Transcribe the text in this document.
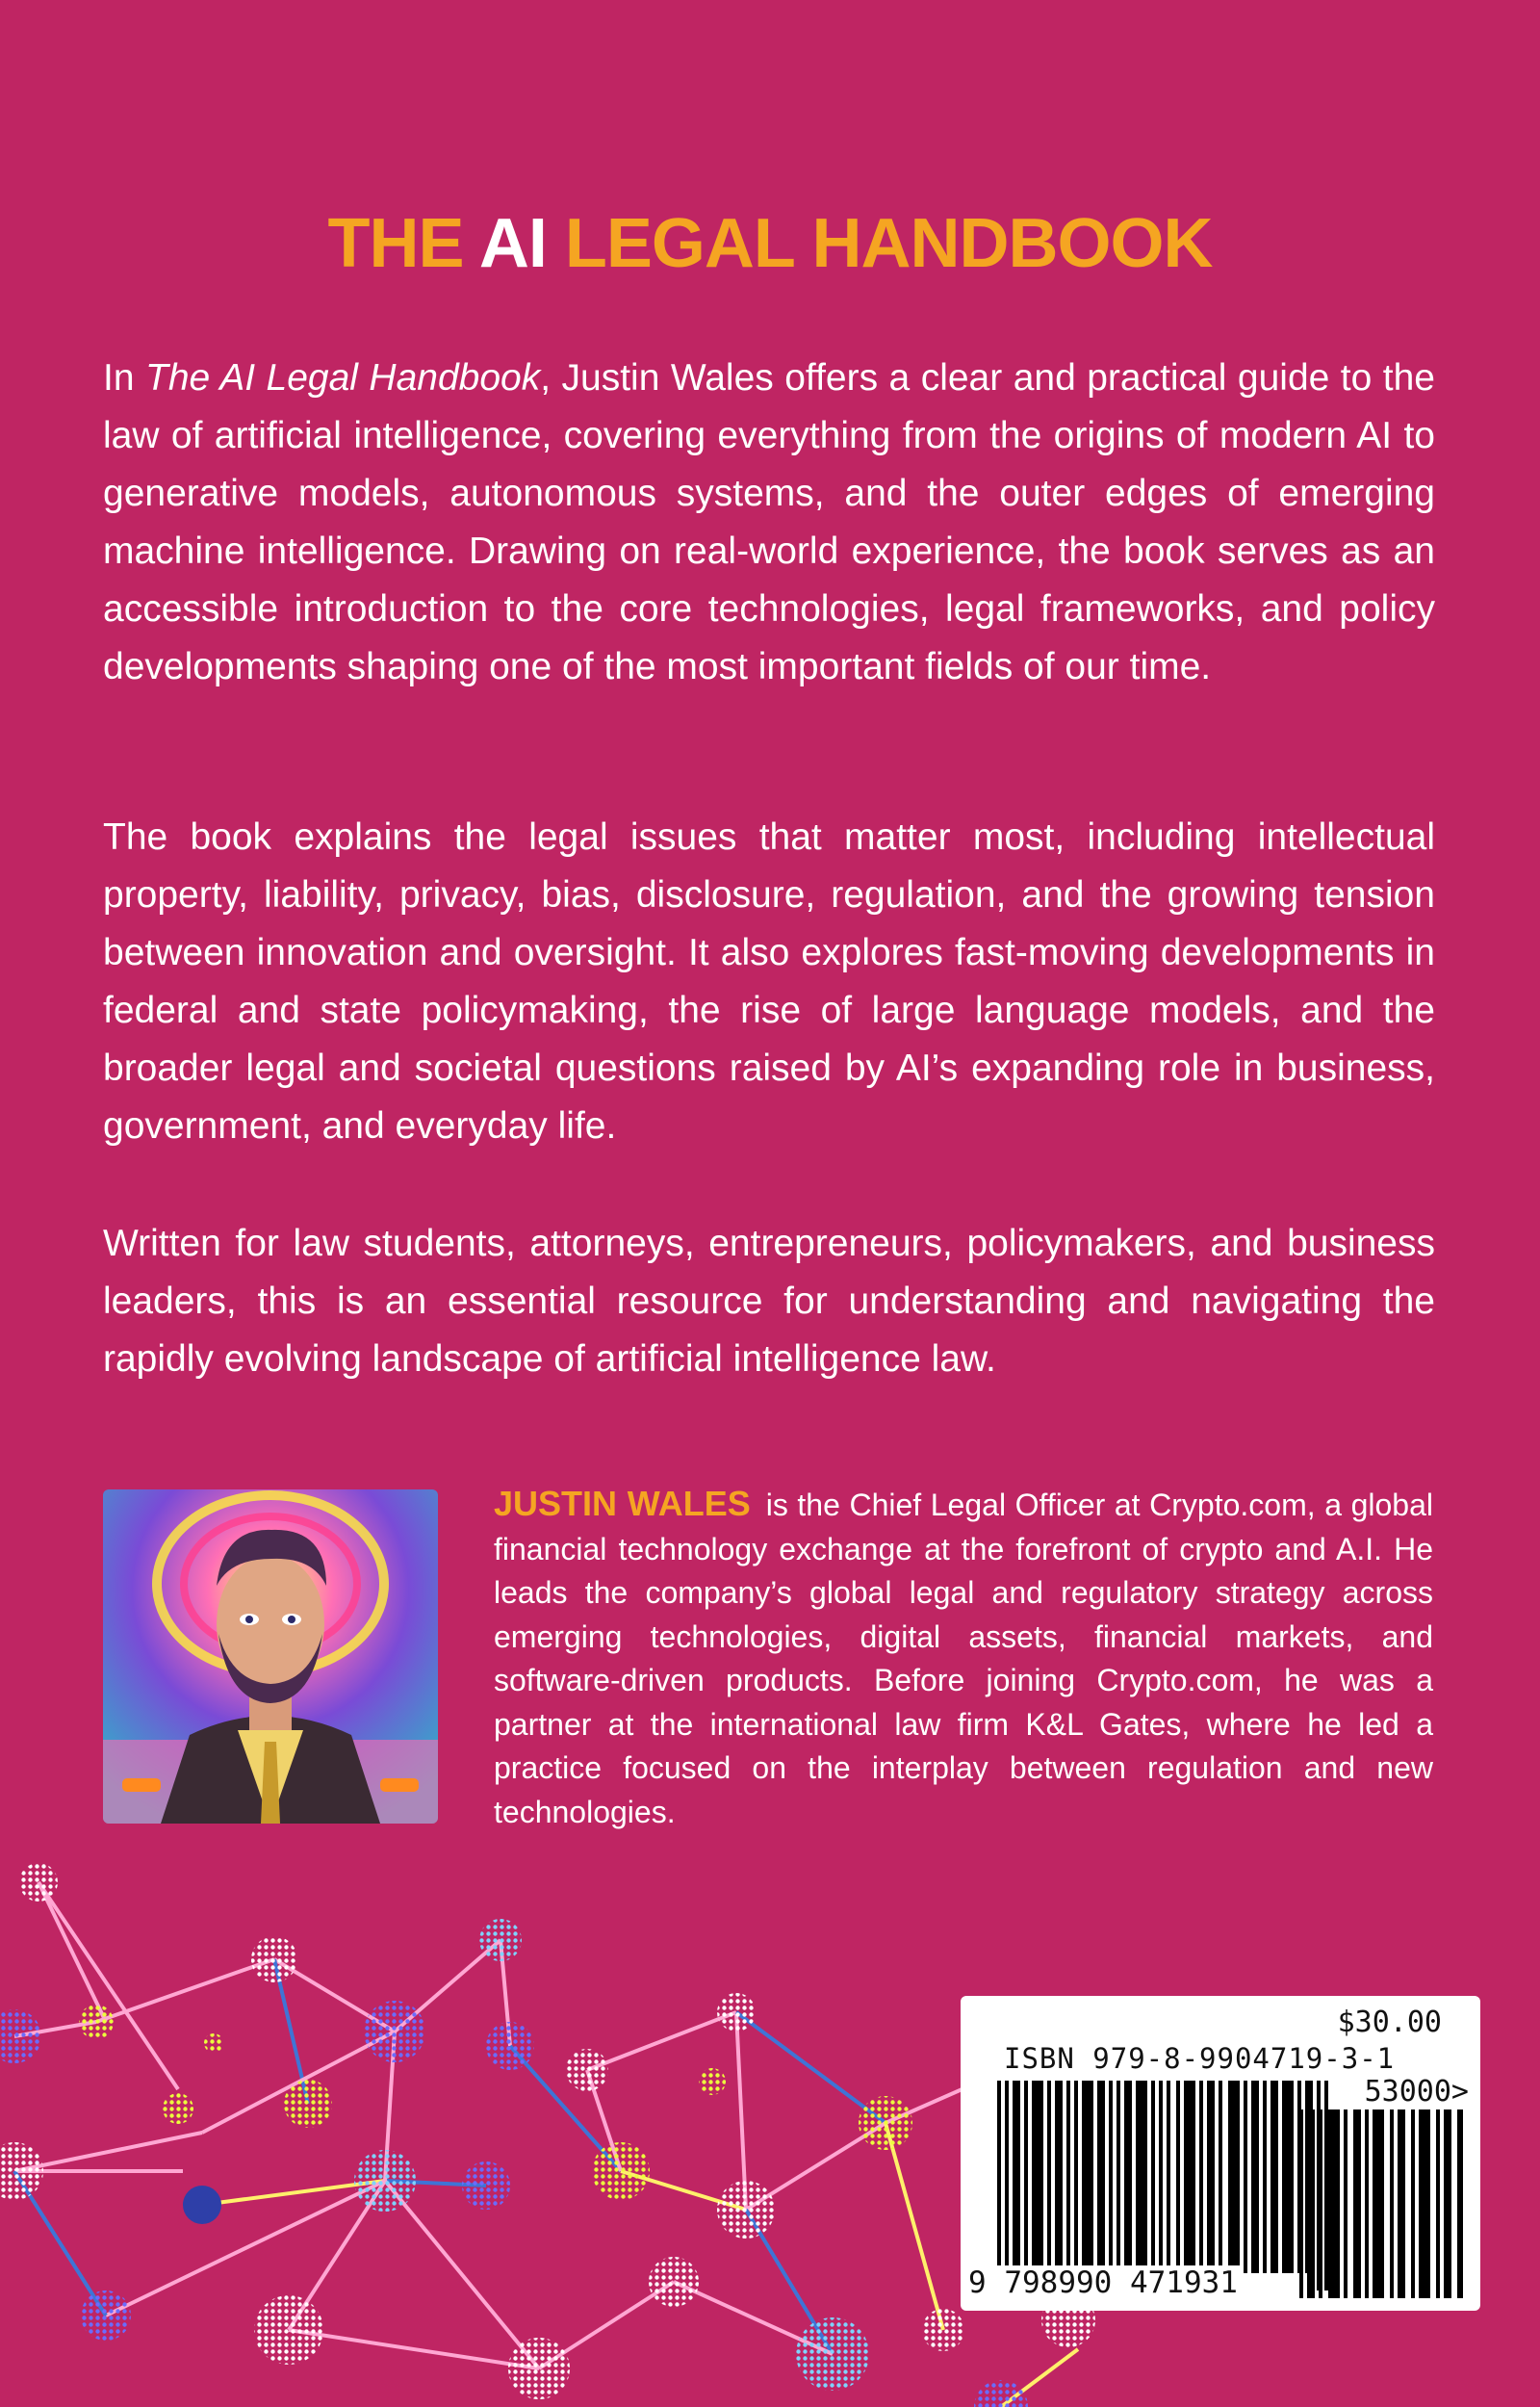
THE AI LEGAL HANDBOOK

In The AI Legal Handbook, Justin Wales offers a clear and practical guide to the law of artificial intelligence, covering everything from the origins of modern AI to generative models, autonomous systems, and the outer edges of emerging machine intelligence. Drawing on real-world experience, the book serves as an accessible introduction to the core technologies, legal frameworks, and policy developments shaping one of the most important fields of our time.

The book explains the legal issues that matter most, including intellectual property, liability, privacy, bias, disclosure, regulation, and the growing tension between innovation and oversight. It also explores fast-moving developments in federal and state policymaking, the rise of large language models, and the broader legal and societal questions raised by AI’s expanding role in business, government, and everyday life.

Written for law students, attorneys, entrepreneurs, policymakers, and business leaders, this is an essential resource for understanding and navigating the rapidly evolving landscape of artificial intelligence law.

JUSTIN WALES is the Chief Legal Officer at Crypto.com, a global financial technology exchange at the forefront of crypto and A.I. He leads the company’s global legal and regulatory strategy across emerging technologies, digital assets, financial markets, and software-driven products. Before joining Crypto.com, he was a partner at the international law firm K&L Gates, where he led a practice focused on the interplay between regulation and new technologies.

$30.00

ISBN 979-8-9904719-3-1

53000>

9 798990 471931
